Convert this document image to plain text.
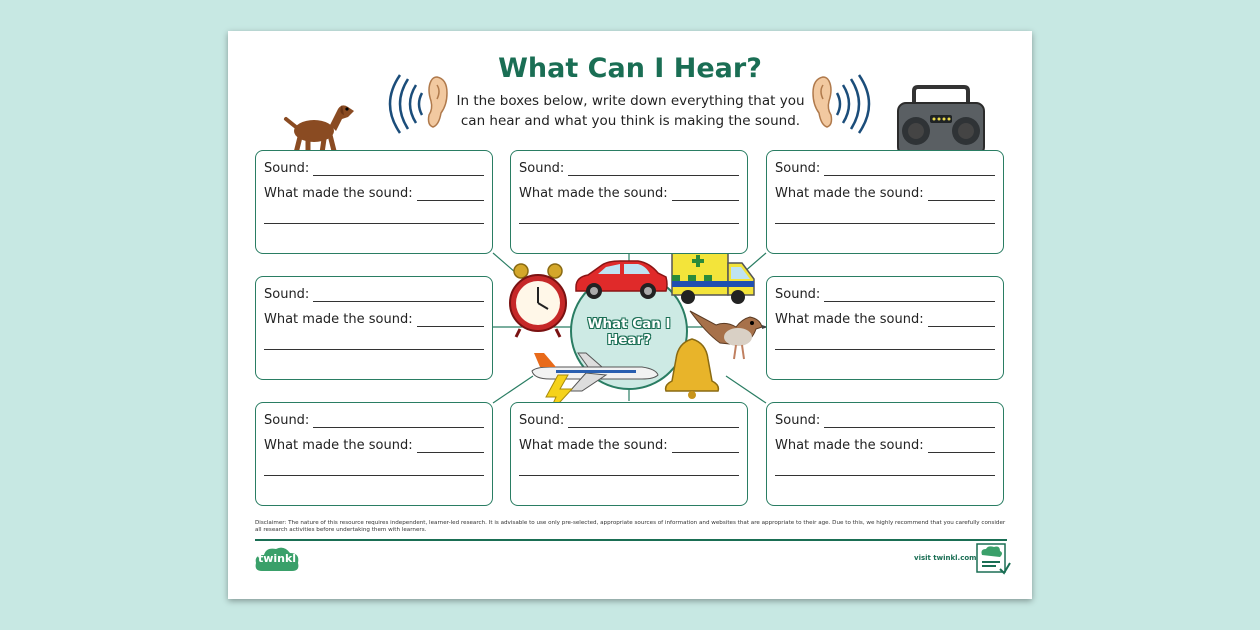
What Can I Hear?
In the boxes below, write down everything that you can hear and what you think is making the sound.
What Can I Hear?
Sound:
What made the sound:
Sound:
What made the sound:
Sound:
What made the sound:
Sound:
What made the sound:
Sound:
What made the sound:
Sound:
What made the sound:
Sound:
What made the sound:
Sound:
What made the sound:
Disclaimer: The nature of this resource requires independent, learner-led research. It is advisable to use only pre-selected, appropriate sources of information and websites that are appropriate to their age. Due to this, we highly recommend that you carefully consider all research activities before undertaking them with learners.
twinkl	visit twinkl.com
